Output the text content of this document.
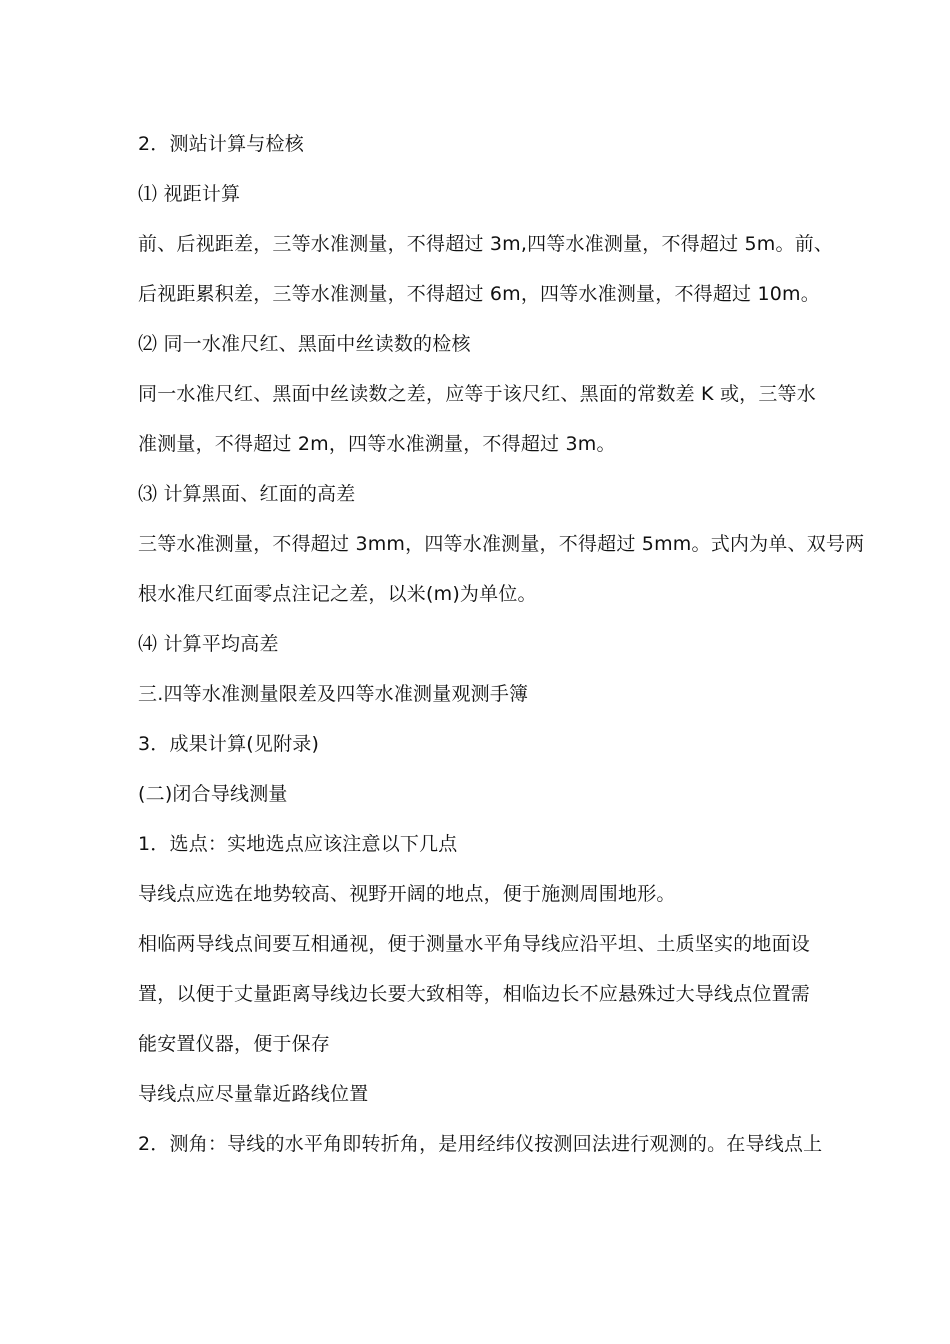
2．测站计算与检核
⑴ 视距计算
前、后视距差，三等水准测量，不得超过 3m,四等水准测量，不得超过 5m。前、
后视距累积差，三等水准测量，不得超过 6m，四等水准测量，不得超过 10m。
⑵ 同一水准尺红、黑面中丝读数的检核
同一水准尺红、黑面中丝读数之差，应等于该尺红、黑面的常数差 K 或，三等水
准测量，不得超过 2m，四等水准溯量，不得超过 3m。
⑶ 计算黑面、红面的高差
三等水准测量，不得超过 3mm，四等水准测量，不得超过 5mm。式内为单、双号两
根水准尺红面零点注记之差，以米(m)为单位。
⑷ 计算平均高差
三.四等水准测量限差及四等水准测量观测手簿
3．成果计算(见附录)
(二)闭合导线测量
1．选点：实地选点应该注意以下几点
导线点应选在地势较高、视野开阔的地点，便于施测周围地形。
相临两导线点间要互相通视，便于测量水平角导线应沿平坦、土质坚实的地面设
置，以便于丈量距离导线边长要大致相等，相临边长不应悬殊过大导线点位置需
能安置仪器，便于保存
导线点应尽量靠近路线位置
2．测角：导线的水平角即转折角，是用经纬仪按测回法进行观测的。在导线点上
